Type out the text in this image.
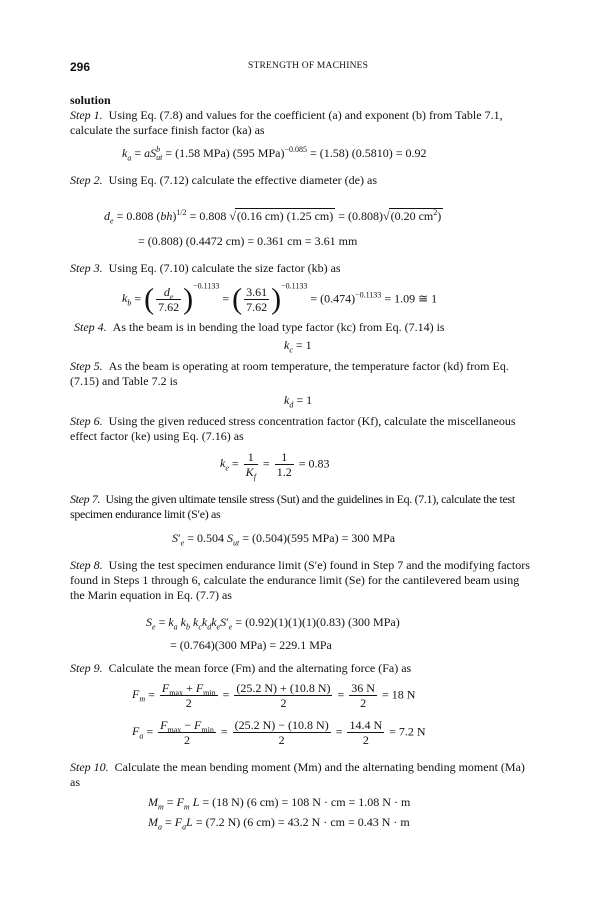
296	STRENGTH OF MACHINES
solution
Step 1. Using Eq. (7.8) and values for the coefficient (a) and exponent (b) from Table 7.1, calculate the surface finish factor (ka) as
$k_a = aS^b_{ut} = (1.58$ MPa) (595 MPa)$^{-0.085}$ = (1.58) (0.5810) = 0.92
Step 2. Using Eq. (7.12) calculate the effective diameter (de) as
$d_e = 0.808$ (bh)$^{1/2}$ = 0.808 √(0.16 cm) (1.25 cm) = (0.808)√(0.20 $cm^2$)
= (0.808) (0.4472 cm) = 0.361 cm = 3.61 mm
Step 3. Using Eq. (7.10) calculate the size factor (kb) as
$k_b$ = ( $\frac{d_e}{7.62} )^{-0.1133}$ = ( $\frac{3.61}{7.62} )^{-0.1133} = (0.474)^{-0.1133} = 1.09$ ≅ 1
Step 4. As the beam is in bending the load type factor (kc) from Eq. (7.14) is
$k_c = 1$
Step 5. As the beam is operating at room temperature, the temperature factor (kd) from Eq. (7.15) and Table 7.2 is
$k_d = 1$
Step 6. Using the given reduced stress concentration factor (Kf), calculate the miscellaneous effect factor (ke) using Eq. (7.16) as
$k_e = \frac{1}{K_f} = \frac{1}{1.2} = 0.83$
Step 7. Using the given ultimate tensile stress (Sut) and the guidelines in Eq. (7.1), calculate the test specimen endurance limit (S′e) as
$S'_e = 0.504$ $S_{ut} = (0.504)(595$ MPa) = 300 MPa
Step 8. Using the test specimen endurance limit (S′e) found in Step 7 and the modifying factors found in Steps 1 through 6, calculate the endurance limit (Se) for the cantilevered beam using the Marin equation in Eq. (7.7) as
$S_e = k_a$ $k_b$ $k_ck_dk_eS'_e = (0.92)(1)(1)(1)(0.83)$ (300 MPa)
= (0.764)(300 MPa) = 229.1 MPa
Step 9. Calculate the mean force (Fm) and the alternating force (Fa) as
$F_m = \frac{F_{max} + F_{min}}{2} = \frac{(25.2 N) + (10.8 N)}{2} = \frac{36 N}{2} = 18$ N
$F_a = \frac{F_{max} - F_{min}}{2} = \frac{(25.2 N) - (10.8 N)}{2} = \frac{14.4 N}{2} = 7.2$ N
Step 10. Calculate the mean bending moment (Mm) and the alternating bending moment (Ma) as
$M_m = F_m$ L = (18 N) (6 cm) = 108 N · cm = 1.08 N · m
$M_a = F_aL = (7.2$ N) (6 cm) = 43.2 N · cm = 0.43 N · m
